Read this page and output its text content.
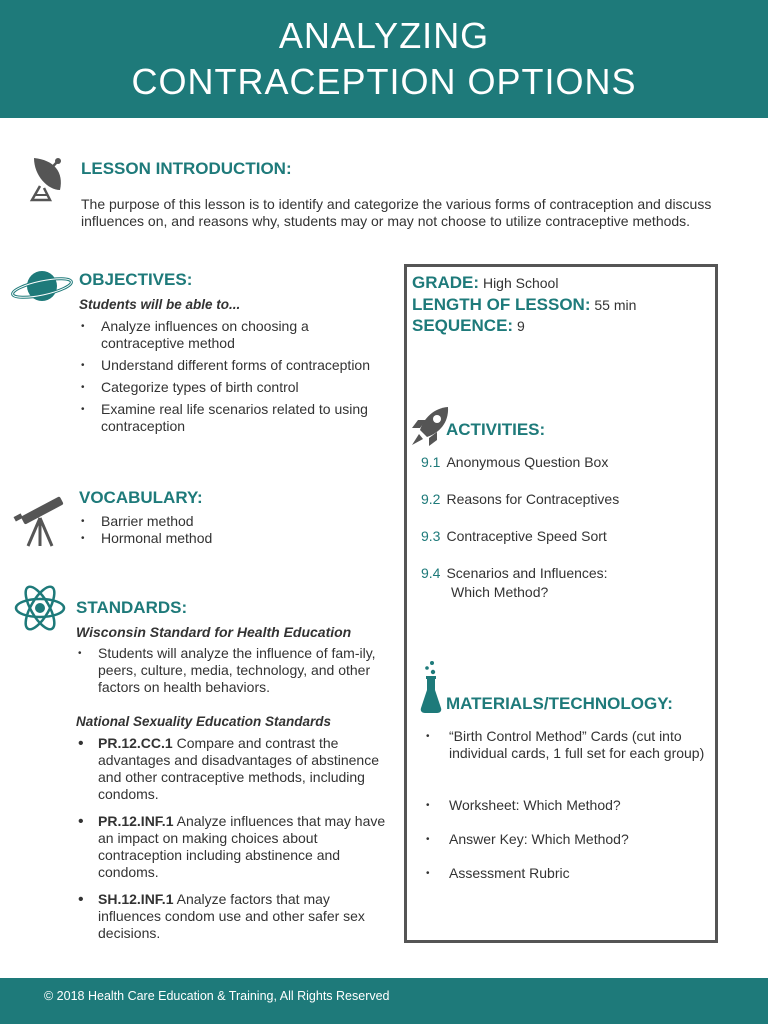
ANALYZING
CONTRACEPTION OPTIONS
LESSON INTRODUCTION:
The purpose of this lesson is to identify and categorize the various forms of contraception and discuss influences on, and reasons why, students may or may not choose to utilize contraceptive methods.
OBJECTIVES:
Students will be able to...
• Analyze influences on choosing a contraceptive method
• Understand different forms of contraception
• Categorize types of birth control
• Examine real life scenarios related to using contraception
VOCABULARY:
• Barrier method
• Hormonal method
STANDARDS:
Wisconsin Standard for Health Education
• Students will analyze the influence of fam-ily, peers, culture, media, technology, and other factors on health behaviors.
National Sexuality Education Standards
• PR.12.CC.1 Compare and contrast the advantages and disadvantages of abstinence and other contraceptive methods, including condoms.
• PR.12.INF.1 Analyze influences that may have an impact on making choices about contraception including abstinence and condoms.
• SH.12.INF.1 Analyze factors that may influences condom use and other safer sex decisions.
GRADE: High School
LENGTH OF LESSON: 55 min
SEQUENCE: 9
ACTIVITIES:
9.1 Anonymous Question Box
9.2 Reasons for Contraceptives
9.3 Contraceptive Speed Sort
9.4 Scenarios and Influences:
Which Method?
MATERIALS/TECHNOLOGY:
• “Birth Control Method” Cards (cut into individual cards, 1 full set for each group)
• Worksheet: Which Method?
• Answer Key: Which Method?
• Assessment Rubric
© 2018 Health Care Education & Training, All Rights Reserved
